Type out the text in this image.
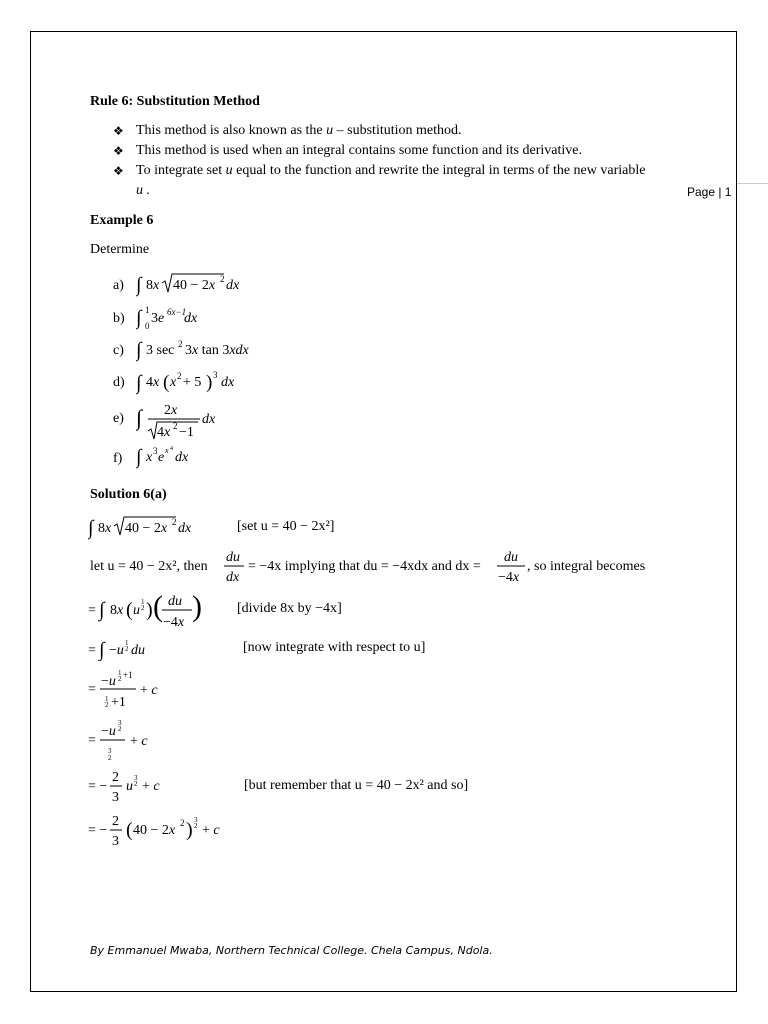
Rule 6: Substitution Method
❖ This method is also known as the u – substitution method.
❖ This method is used when an integral contains some function and its derivative.
❖ To integrate set u equal to the function and rewrite the integral in terms of the new variable
u .	Page | 1
Example 6
Determine
a)
b)
c)
d)
e)
f)
∫ 8x 40 − 2x 2 dx
∫ 1
0 3e 6x−1
dx
∫ 3 sec 2 3x tan 3xdx
∫ 4x ( x 2 + 5 ) 3 dx
∫ 2x
4x 2 −1
dx
∫ x 3 e x 4
dx
Solution 6(a)
∫ 8x 40 − 2x 2 dx	[set u = 40 − 2x²]
let u = 40 − 2x², then
du
dx
= −4x implying that du = −4xdx and dx =
du
−4x
, so integral becomes
= ∫ 8x ( u
1
2 ) ( du
−4x )	[divide 8x by −4x]
= ∫ −u 1
2 du	[now integrate with respect to u]
=
−u
1
2 +1
1
2 +1
+ c
=
−u
3
2
3
2
+ c
= −
2
3
u
3
2 + c	[but remember that u = 40 − 2x² and so]
= −
2
3
( 40 − 2x 2 ) 3
2 + c
By Emmanuel Mwaba, Northern Technical College. Chela Campus, Ndola.
